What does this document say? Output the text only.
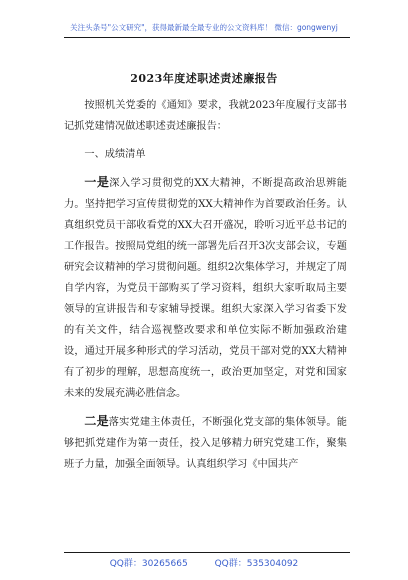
关注头条号"公文研究"，获得最新最全最专业的公文资料库！ 微信：gongwenyj
2023年度述职述责述廉报告

按照机关党委的《通知》要求，我就2023年度履行支部书记抓党建情况做述职述责述廉报告：

一、成绩清单

一是深入学习贯彻党的XX大精神，不断提高政治思辨能力。坚持把学习宣传贯彻党的XX大精神作为首要政治任务。认真组织党员干部收看党的XX大召开盛况，聆听习近平总书记的工作报告。按照局党组的统一部署先后召开3次支部会议，专题研究会议精神的学习贯彻问题。组织2次集体学习，并规定了周自学内容，为党员干部购买了学习资料，组织大家听取局主要领导的宣讲报告和专家辅导授课。组织大家深入学习省委下发的有关文件，结合巡视整改要求和单位实际不断加强政治建设，通过开展多种形式的学习活动，党员干部对党的XX大精神有了初步的理解，思想高度统一，政治更加坚定，对党和国家未来的发展充满必胜信念。

二是落实党建主体责任，不断强化党支部的集体领导。能够把抓党建作为第一责任，投入足够精力研究党建工作，聚集班子力量，加强全面领导。认真组织学习《中国共产

QQ群：30265665	QQ群：535304092
